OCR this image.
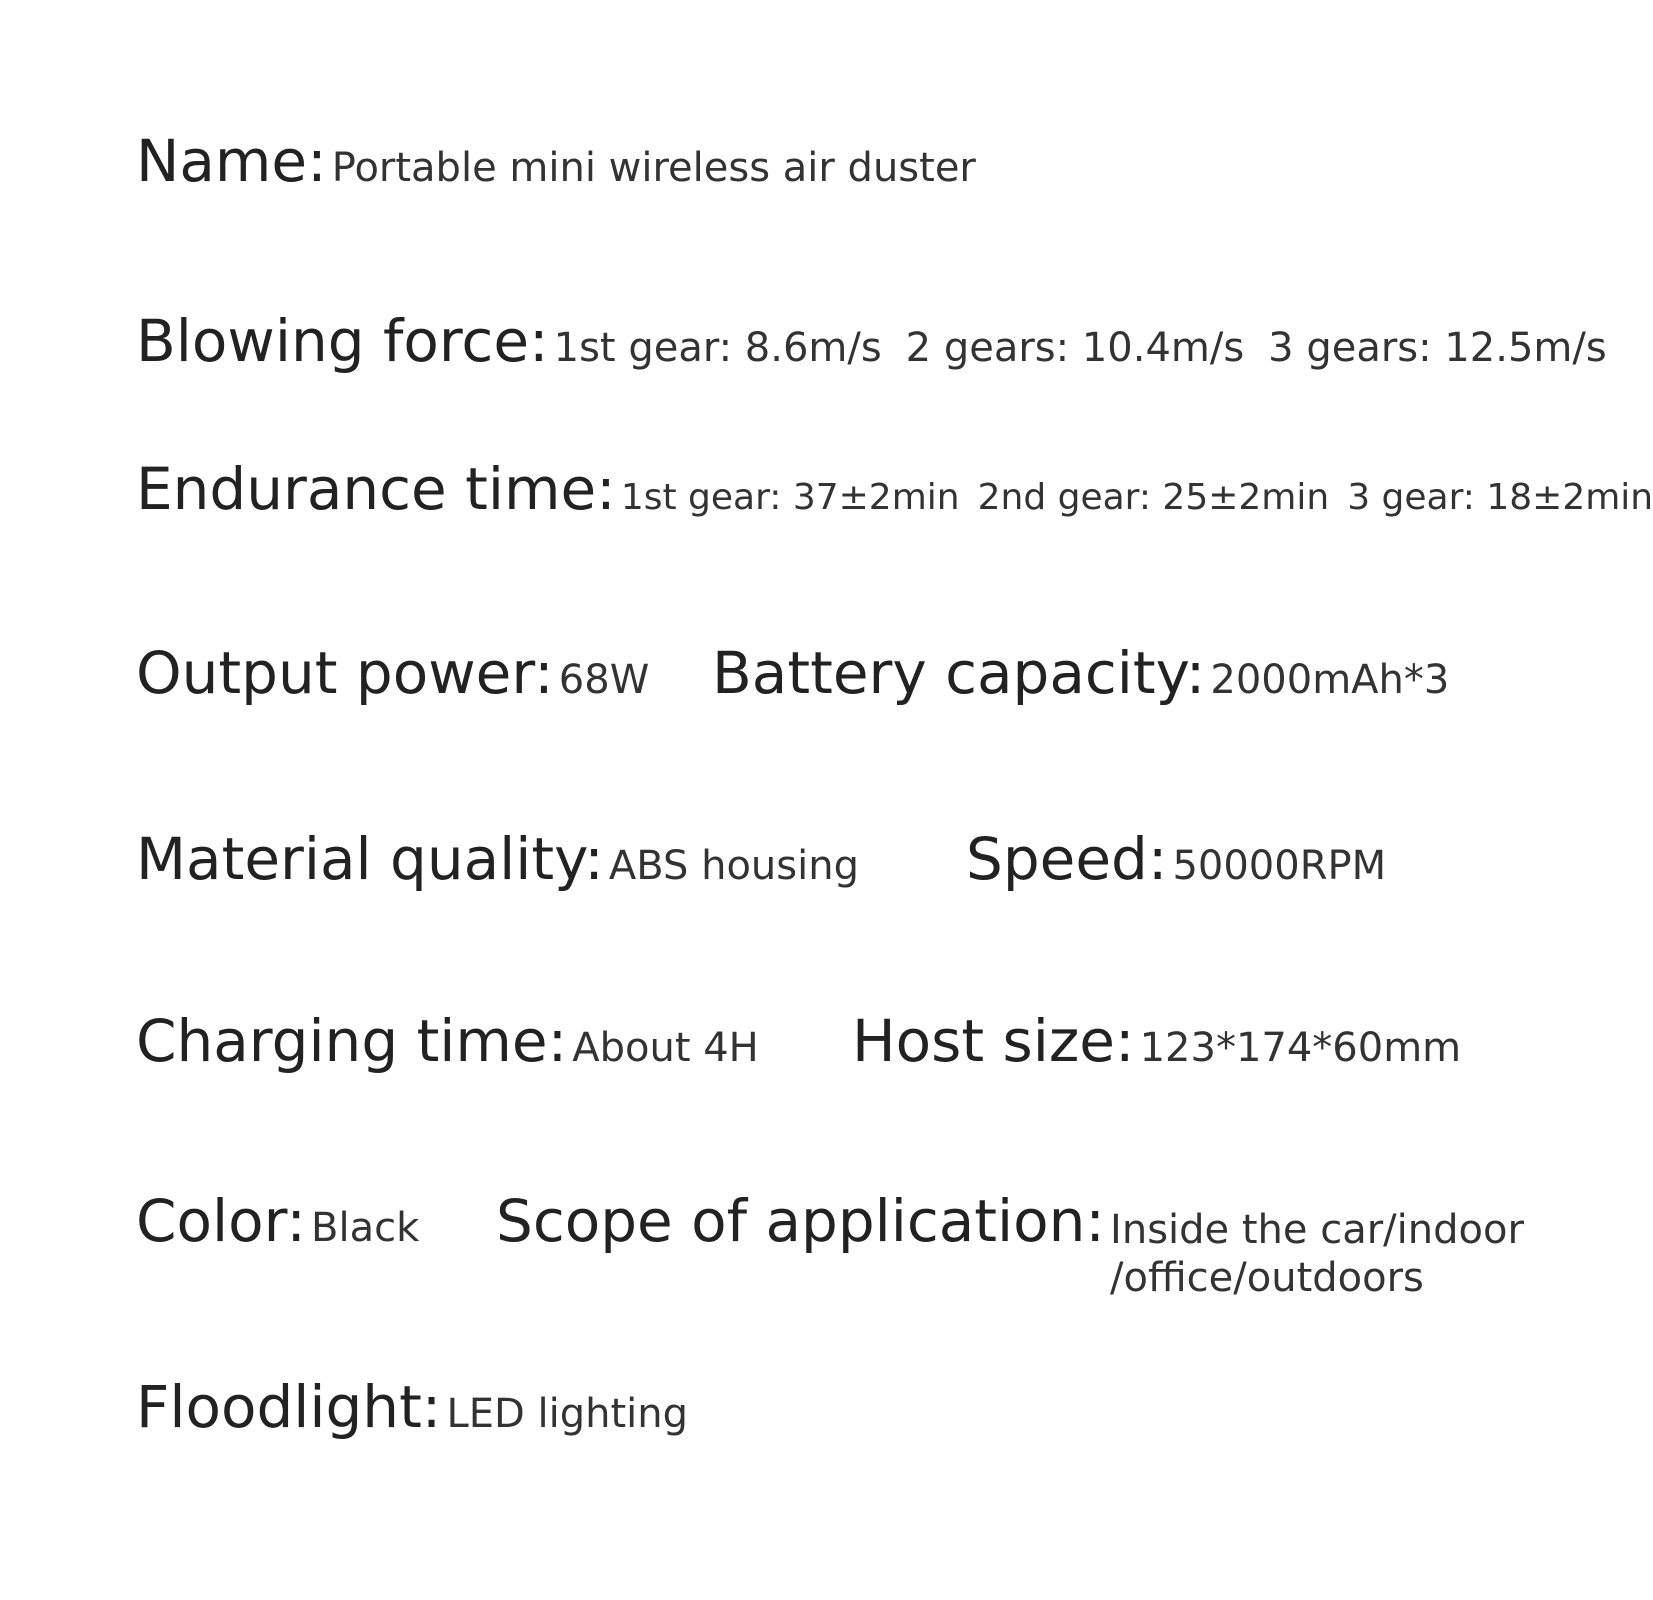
Name: Portable mini wireless air duster
Blowing force: 1st gear: 8.6m/s 2 gears: 10.4m/s 3 gears: 12.5m/s
Endurance time: 1st gear: 37±2min 2nd gear: 25±2min 3 gear: 18±2min
Output power: 68W Battery capacity: 2000mAh*3
Material quality: ABS housing Speed: 50000RPM
Charging time: About 4H Host size: 123*174*60mm
Color: Black Scope of application: Inside the car/indoor
/office/outdoors
Floodlight: LED lighting
